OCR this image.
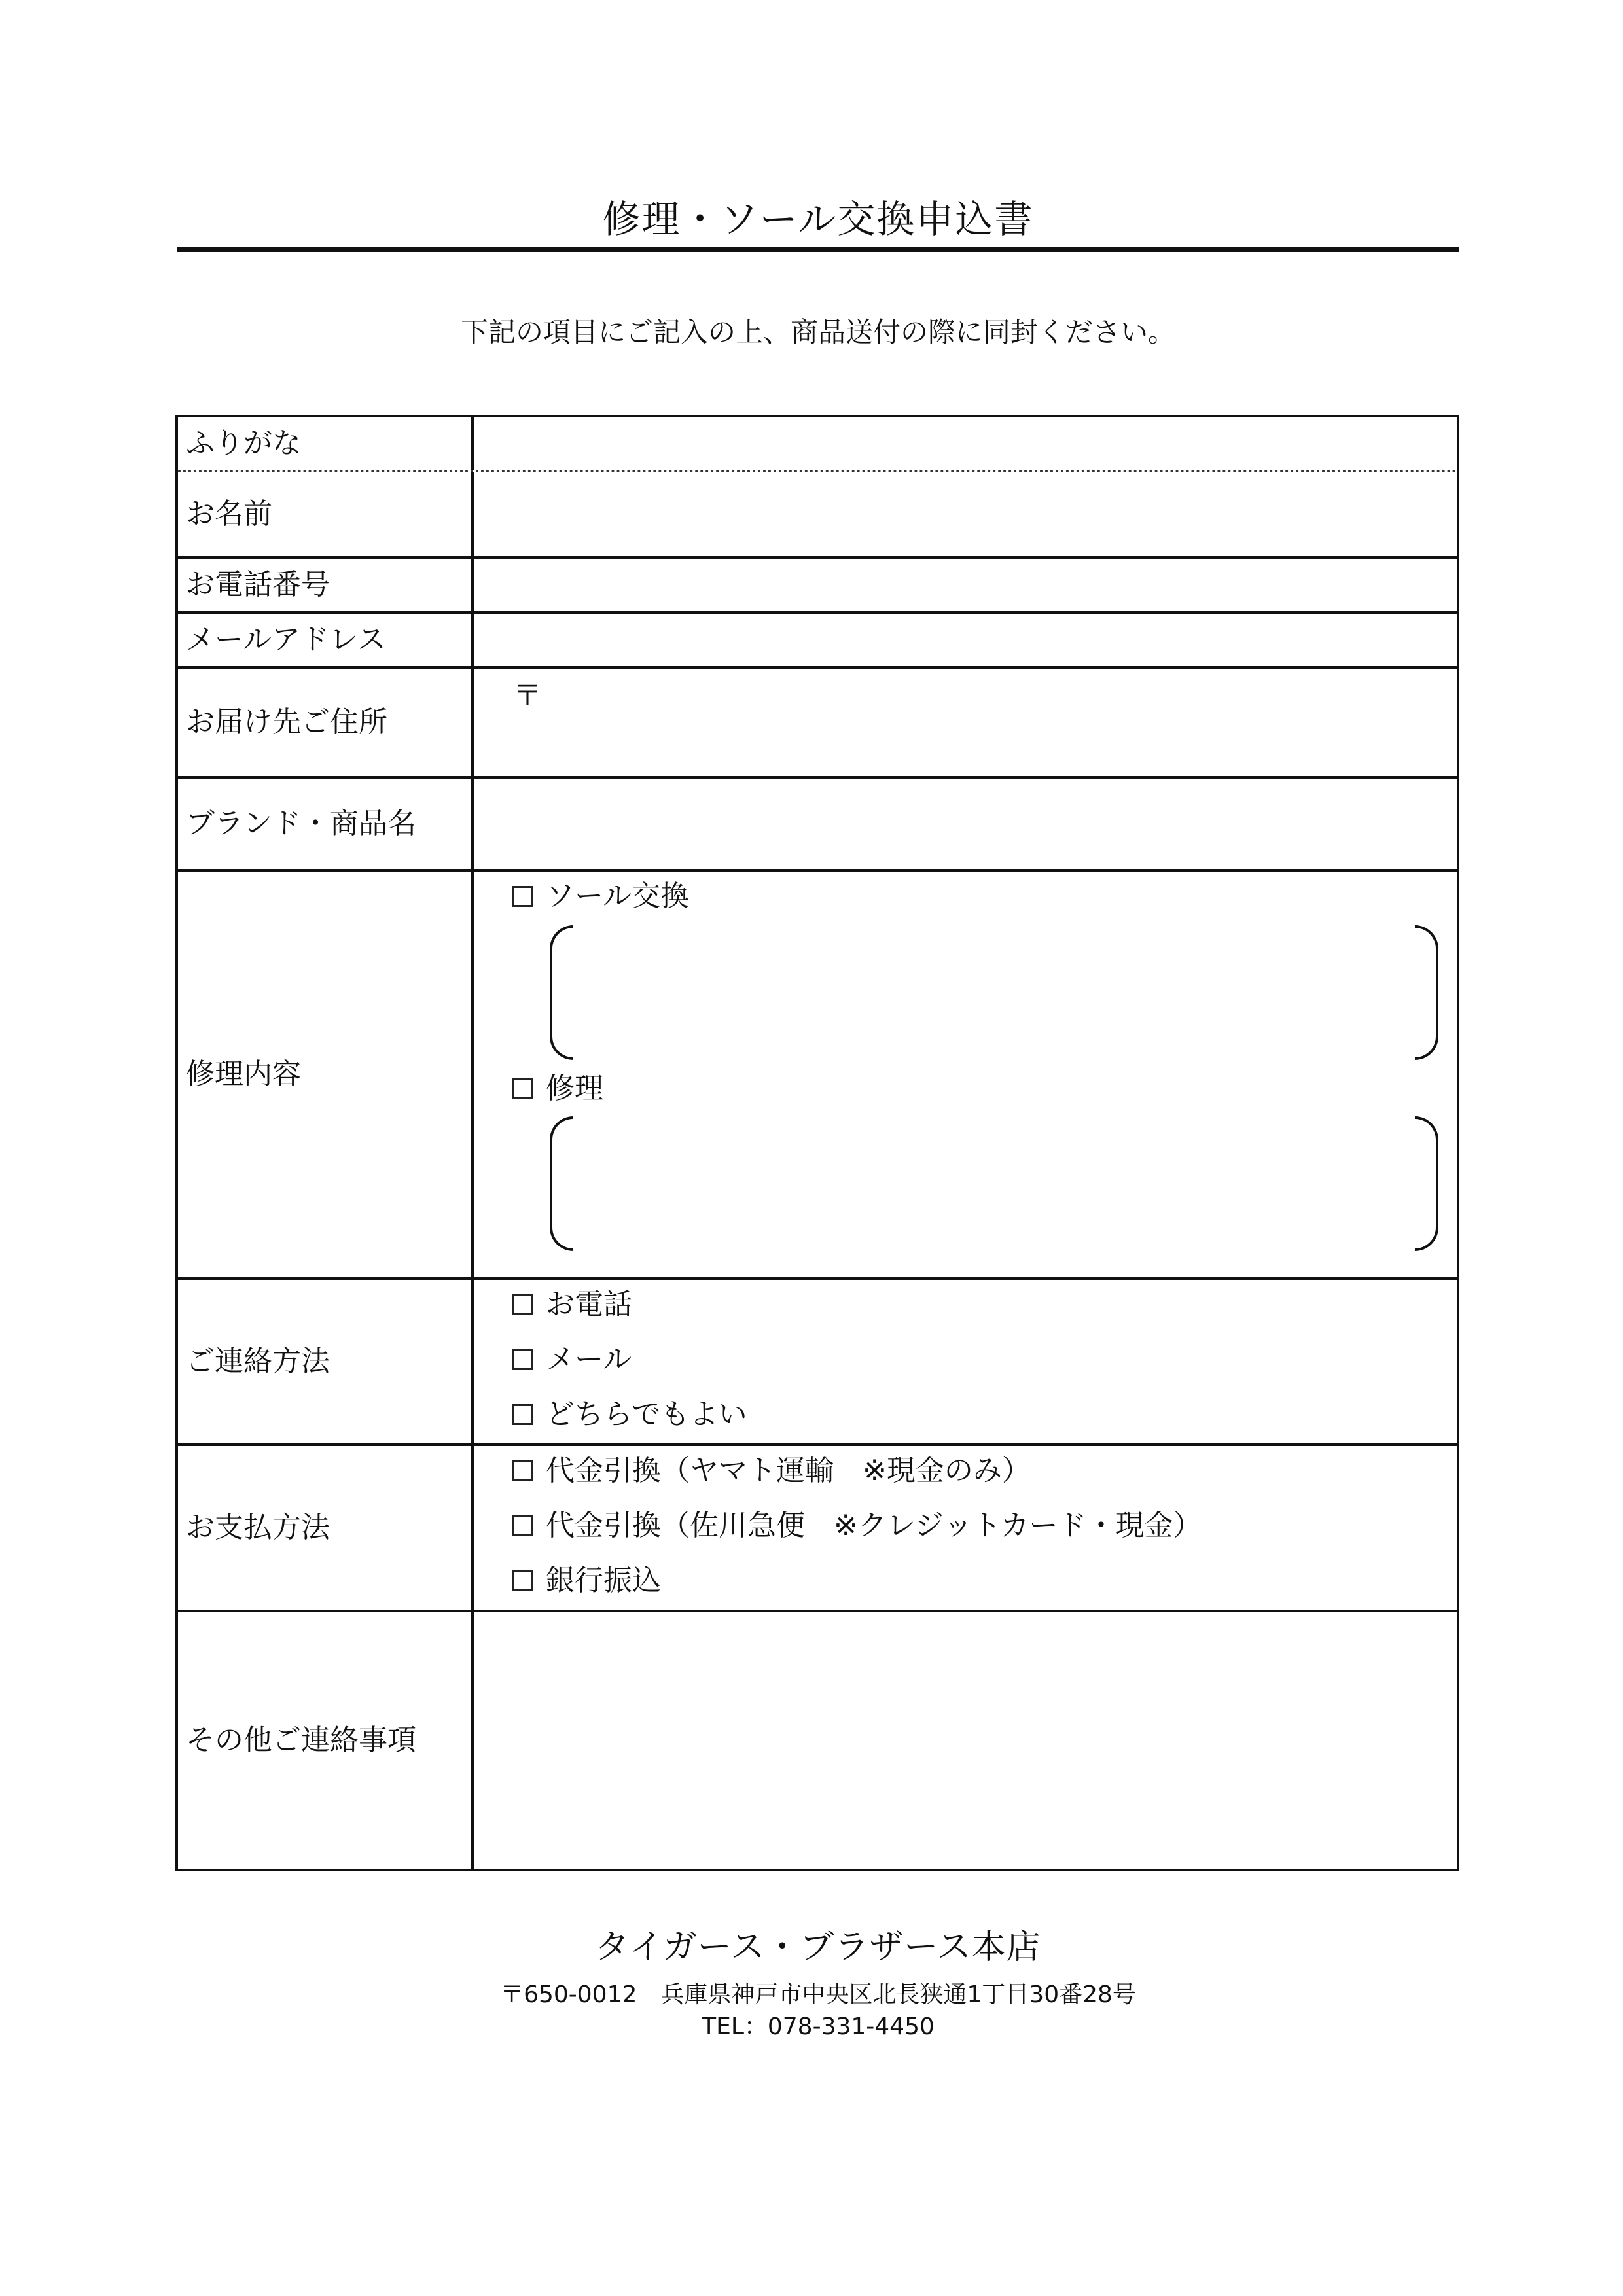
修理・ソール交換申込書
下記の項目にご記入の上、商品送付の際に同封ください。
ふりがな
お名前
お電話番号
メールアドレス
お届け先ご住所
〒
ブランド・商品名
修理内容
ソール交換
修理
ご連絡方法
お電話
メール
どちらでもよい
お支払方法
代金引換（ヤマト運輸　※現金のみ）
代金引換（佐川急便　※クレジットカード・現金）
銀行振込
その他ご連絡事項
タイガース・ブラザース本店
〒650-0012　兵庫県神戸市中央区北長狭通1丁目30番28号
TEL：078-331-4450
